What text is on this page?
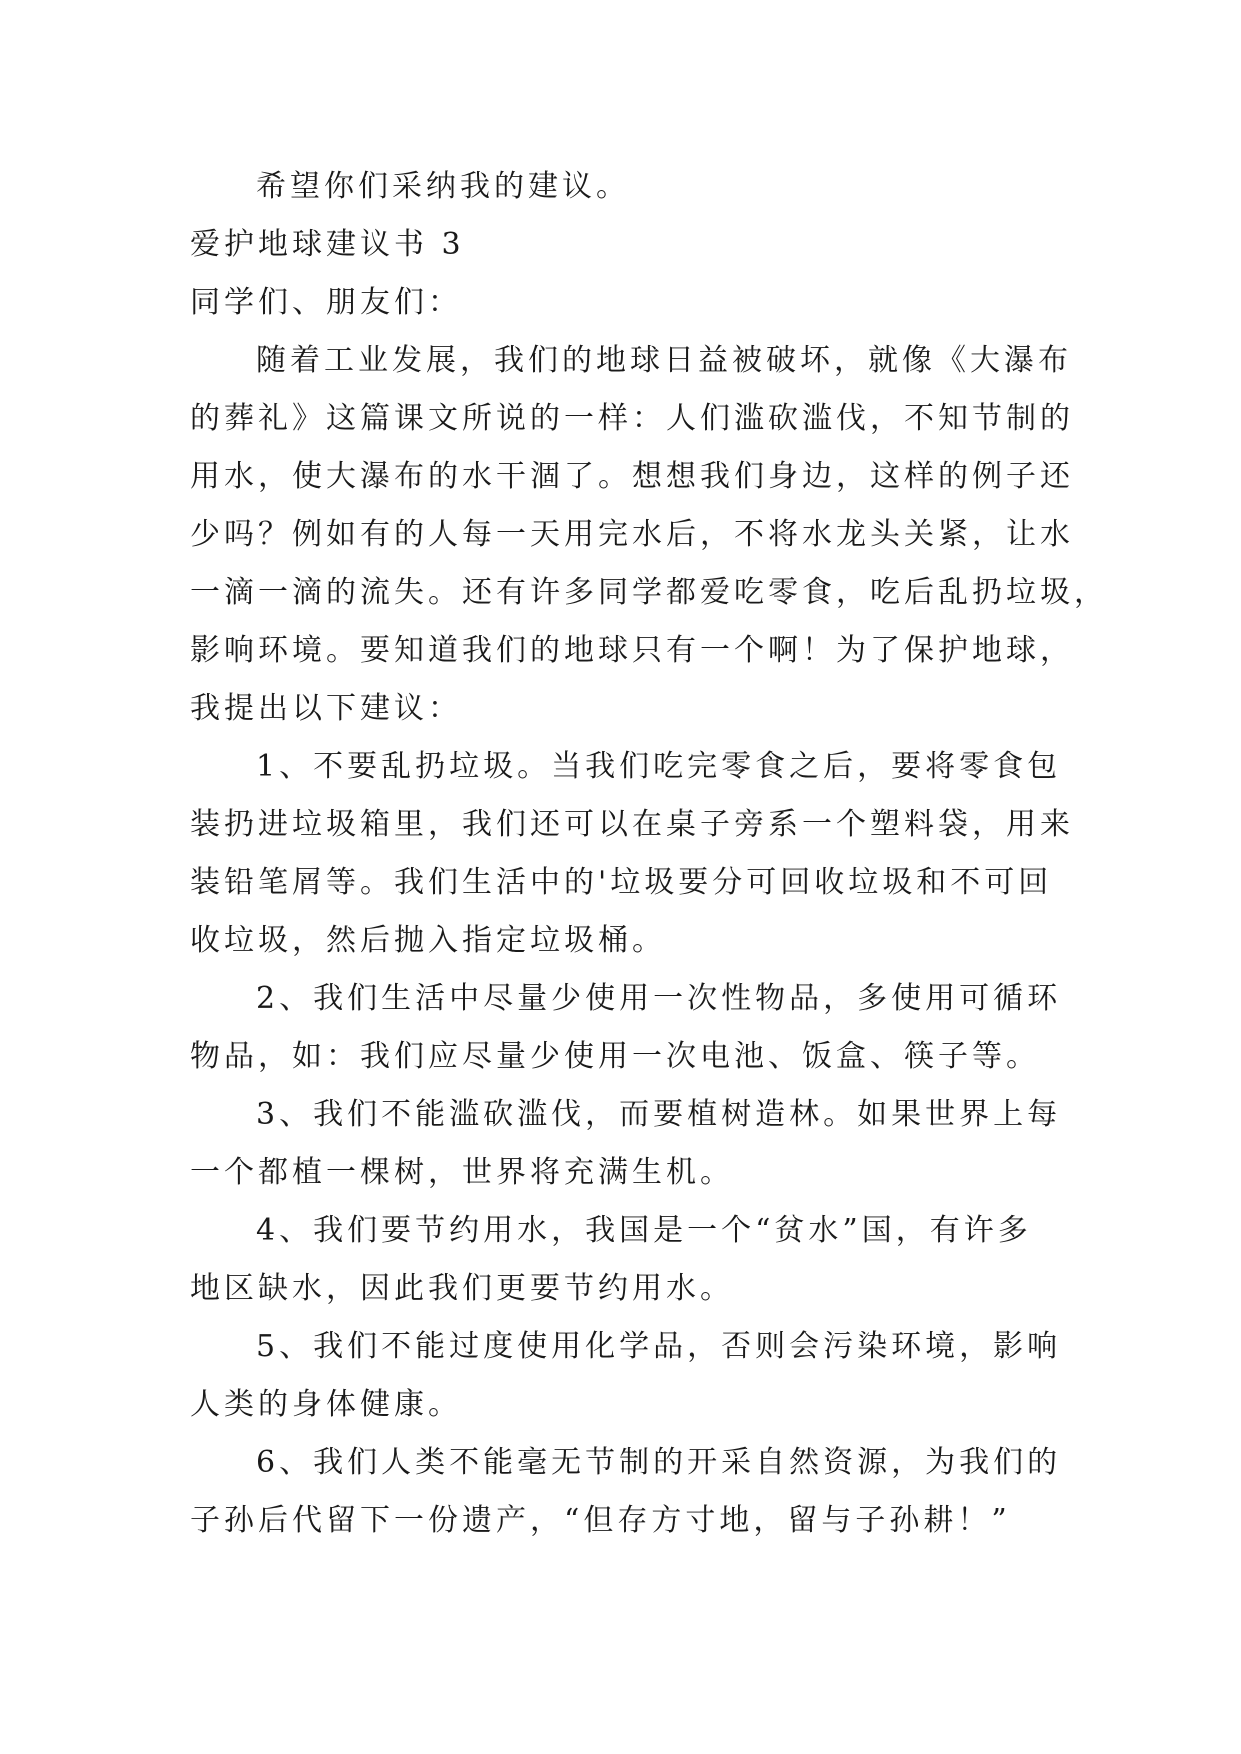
希望你们采纳我的建议。
爱护地球建议书 3
同学们、朋友们：
随着工业发展，我们的地球日益被破坏，就像《大瀑布
的葬礼》这篇课文所说的一样：人们滥砍滥伐，不知节制的
用水，使大瀑布的水干涸了。想想我们身边，这样的例子还
少吗？例如有的人每一天用完水后，不将水龙头关紧，让水
一滴一滴的流失。还有许多同学都爱吃零食，吃后乱扔垃圾，
影响环境。要知道我们的地球只有一个啊！为了保护地球，
我提出以下建议：
1、不要乱扔垃圾。当我们吃完零食之后，要将零食包
装扔进垃圾箱里，我们还可以在桌子旁系一个塑料袋，用来
装铅笔屑等。我们生活中的'垃圾要分可回收垃圾和不可回
收垃圾，然后抛入指定垃圾桶。
2、我们生活中尽量少使用一次性物品，多使用可循环
物品，如：我们应尽量少使用一次电池、饭盒、筷子等。
3、我们不能滥砍滥伐，而要植树造林。如果世界上每
一个都植一棵树，世界将充满生机。
4、我们要节约用水，我国是一个“贫水”国，有许多
地区缺水，因此我们更要节约用水。
5、我们不能过度使用化学品，否则会污染环境，影响
人类的身体健康。
6、我们人类不能毫无节制的开采自然资源，为我们的
子孙后代留下一份遗产，“但存方寸地，留与子孙耕！”
